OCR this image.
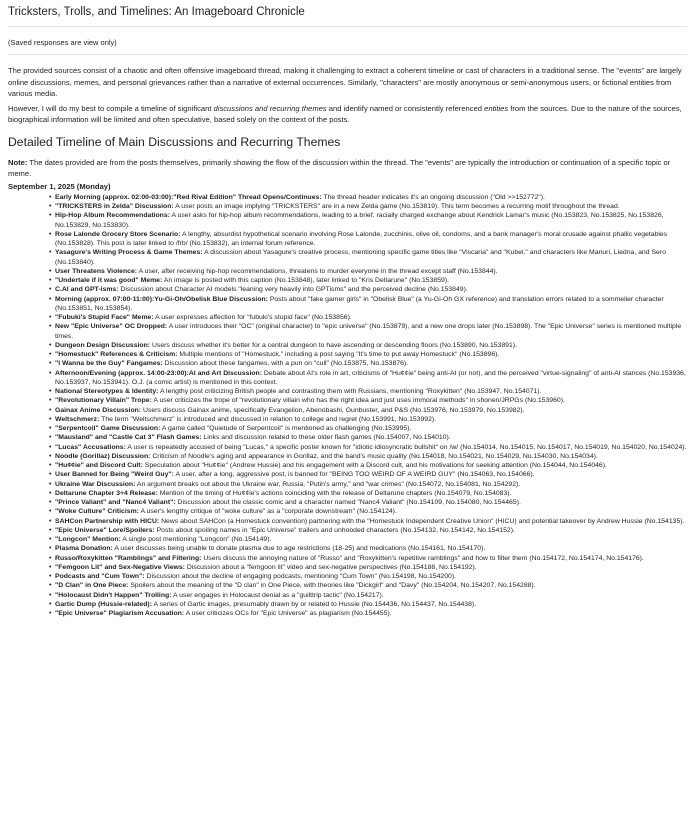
Tricksters, Trolls, and Timelines: An Imageboard Chronicle
(Saved responses are view only)

The provided sources consist of a chaotic and often offensive imageboard thread, making it challenging to extract a coherent timeline or cast of characters in a traditional sense. The "events" are largely online discussions, memes, and personal grievances rather than a narrative of external occurrences. Similarly, "characters" are mostly anonymous or semi-anonymous users, or fictional entities from various media.

However, I will do my best to compile a timeline of significant discussions and recurring themes and identify named or consistently referenced entities from the sources. Due to the nature of the sources, biographical information will be limited and often speculative, based solely on the context of the posts.

Detailed Timeline of Main Discussions and Recurring Themes

Note: The dates provided are from the posts themselves, primarily showing the flow of the discussion within the thread. The "events" are typically the introduction or continuation of a specific topic or meme.

September 1, 2025 (Monday)
• Early Morning (approx. 02:00-03:00):"Red Rival Edition" Thread Opens/Continues: The thread header indicates it's an ongoing discussion ("Old >>152772").
• "TRICKSTERS in Zelda" Discussion: A user posts an image implying "TRICKSTERS" are in a new Zelda game (No.153819). This term becomes a recurring motif throughout the thread.
• Hip-Hop Album Recommendations: A user asks for hip-hop album recommendations, leading to a brief, racially charged exchange about Kendrick Lamar's music (No.153823, No.153825, No.153826, No.153829, No.153830).
• Rose Lalonde Grocery Store Scenario: A lengthy, absurdist hypothetical scenario involving Rose Lalonde, zucchinis, olive oil, condoms, and a bank manager's moral crusade against phallic vegetables (No.153828). This post is later linked to /frb/ (No.153832), an internal forum reference.
• Yasagure's Writing Process & Game Themes: A discussion about Yasagure's creative process, mentioning specific game titles like "Viscaria" and "Kubel," and characters like Manuri, Liedna, and Sero (No.153840).
• User Threatens Violence: A user, after receiving hip-hop recommendations, threatens to murder everyone in the thread except staff (No.153844).
• "Undertale if it was good" Meme: An image is posted with this caption (No.153848), later linked to "Kris Deltarune" (No.153859).
• C.AI and GPT-isms: Discussion about Character AI models "leaning very heavily into GPTisms" and the perceived decline (No.153849).
• Morning (approx. 07:00-11:00):Yu-Gi-Oh/Obelisk Blue Discussion: Posts about "fake gamer girls" in "Obelisk Blue" (a Yu-Gi-Oh GX reference) and translation errors related to a sommelier character (No.153851, No.153854).
• "Fubuki's Stupid Face" Meme: A user expresses affection for "fubuki's stupid face" (No.153856).
• New "Epic Universe" OC Dropped: A user introduces their "OC" (original character) to "epic universe" (No.153879), and a new one drops later (No.153898). The "Epic Universe" series is mentioned multiple times.
• Dungeon Design Discussion: Users discuss whether it's better for a central dungeon to have ascending or descending floors (No.153890, No.153891).
• "Homestuck" References & Criticism: Multiple mentions of "Homestuck," including a post saying "It's time to put away Homestuck" (No.153896).
• "I Wanna be the Guy" Fangames: Discussion about these fangames, with a pun on "cull" (No.153875, No.153876).
• Afternoon/Evening (approx. 14:00-23:00):AI and Art Discussion: Debate about AI's role in art, criticisms of "Hu¢¢ie" being anti-AI (or not), and the perceived "virtue-signaling" of anti-AI stances (No.153936, No.153937, No.153941). O.J. (a comic artist) is mentioned in this context.
• National Stereotypes & Identity: A lengthy post criticizing British people and contrasting them with Russians, mentioning "Roxykitten" (No.153947, No.154071).
• "Revolutionary Villain" Trope: A user criticizes the trope of "revolutionary villain who has the right idea and just uses immoral methods" in shonen/JRPGs (No.153960).
• Gainax Anime Discussion: Users discuss Gainax anime, specifically Evangelion, Abenobashi, Gunbuster, and P&S (No.153976, No.153979, No.153982).
• Weltschmerz: The term "Weltschmerz" is introduced and discussed in relation to college and regret (No.153991, No.153992).
• "Serpentcoil" Game Discussion: A game called "Quietude of Serpentcoil" is mentioned as challenging (No.153995).
• "Mausland" and "Castle Cat 3" Flash Games: Links and discussion related to these older flash games (No.154007, No.154010).
• "Lucas" Accusations: A user is repeatedly accused of being "Lucas," a specific poster known for "idiotic idiosyncratic bullshit" on /w/ (No.154014, No.154015, No.154017, No.154019, No.154020, No.154024).
• Noodle (Gorillaz) Discussion: Criticism of Noodle's aging and appearance in Gorillaz, and the band's music quality (No.154018, No.154021, No.154029, No.154030, No.154034).
• "Hu¢¢ie" and Discord Cult: Speculation about "Hu¢¢ie" (Andrew Hussie) and his engagement with a Discord cult, and his motivations for seeking attention (No.154044, No.154046).
• User Banned for Being "Weird Guy": A user, after a long, aggressive post, is banned for "BEING TOO WEIRD OF A WEIRD GUY" (No.154063, No.154066).
• Ukraine War Discussion: An argument breaks out about the Ukraine war, Russia, "Putin's army," and "war crimes" (No.154072, No.154081, No.154292).
• Deltarune Chapter 3+4 Release: Mention of the timing of Hu¢¢ie's actions coinciding with the release of Deltarune chapters (No.154079, No.154083).
• "Prince Valiant" and "Nanc4 Valiant": Discussion about the classic comic and a character named "Nanc4 Valiant" (No.154109, No.154080, No.154465).
• "Woke Culture" Criticism: A user's lengthy critique of "woke culture" as a "corporate downstream" (No.154124).
• SAHCon Partnership with HICU: News about SAHCon (a Homestuck convention) partnering with the "Homestuck Independent Creative Union" (HICU) and potential takeover by Andrew Hussie (No.154135).
• "Epic Universe" Lore/Spoilers: Posts about spoiling names in "Epic Universe" trailers and unhooded characters (No.154132, No.154142, No.154152).
• "Longcon" Mention: A single post mentioning "Longcon" (No.154149).
• Plasma Donation: A user discusses being unable to donate plasma due to age restrictions (18-25) and medications (No.154161, No.154170).
• Russo/Roxykitten "Ramblings" and Filtering: Users discuss the annoying nature of "Russo" and "Roxykitten's repetitive ramblings" and how to filter them (No.154172, No.154174, No.154176).
• "Femgoon Lit" and Sex-Negative Views: Discussion about a "femgoon lit" video and sex-negative perspectives (No.154188, No.154192).
• Podcasts and "Cum Town": Discussion about the decline of engaging podcasts, mentioning "Cum Town" (No.154198, No.154200).
• "D Clan" in One Piece: Spoilers about the meaning of the "D clan" in One Piece, with theories like "Dickgirl" and "Davy" (No.154204, No.154207, No.154288).
• "Holocaust Didn't Happen" Trolling: A user engages in Holocaust denial as a "guilttrip tactic" (No.154217).
• Gartic Dump (Hussie-related): A series of Gartic images, presumably drawn by or related to Hussie (No.154436, No.154437, No.154438).
• "Epic Universe" Plagiarism Accusation: A user criticizes OCs for "Epic Universe" as plagiarism (No.154455).
